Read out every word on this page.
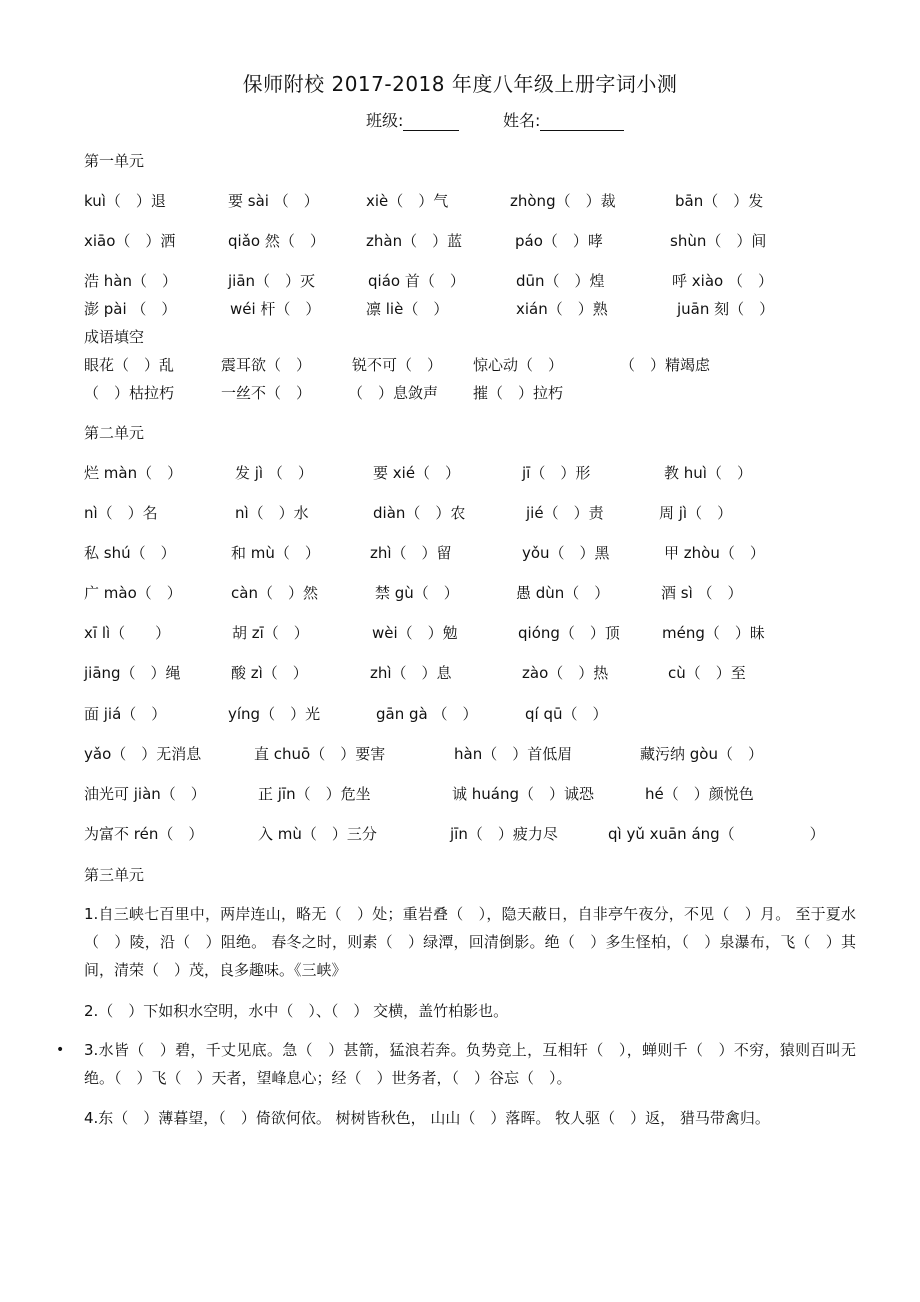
保师附校 2017-2018 年度八年级上册字词小测
班级:	姓名:
第一单元
kuì（　）退	要 sài （　）	xiè（　）气	zhòng（　）裁	bān（　）发
xiāo（　）洒	qiǎo 然（　）	zhàn（　）蓝	páo（　）哮	shùn（　）间
浩 hàn（　）	jiān（　）灭	qiáo 首（　）	dūn（　）煌	呼 xiào （　）
澎 pài （　）	wéi 杆（　）	凛 liè（　）	xián（　）熟	juān 刻（　）
成语填空
眼花（　）乱	震耳欲（　）	锐不可（　） 惊心动（　）	（　）精竭虑
（　）枯拉朽	一丝不（　） （　）息敛声 摧（　）拉朽
第二单元
烂 màn（　）	发 jì （　）	要 xié（　）	jī（　）形	教 huì（　）
nì（　）名	nì（　）水	diàn（　）农	jié（　）责	周 jì（　）
私 shú（　）	和 mù（　）	zhì（　）留	yǒu（　）黑	甲 zhòu（　）
广 mào（　）	càn（　）然	禁 gù（　）	愚 dùn（　）	酒 sì （　）
xī lì（　　）	胡 zī（　）	wèi（　）勉	qióng（　）顶	méng（　）昧
jiāng（　）绳	酸 zì（　）	zhì（　）息	zào（　）热	cù（　）至
面 jiá（　）	yíng（　）光	gān gà （　）	qí qū（　）
yǎo（　）无消息	直 chuō（　）要害	hàn（　）首低眉	藏污纳 gòu（　）
油光可 jiàn（　）	正 jīn（　）危坐	诚 huáng（　）诚恐	hé（　）颜悦色
为富不 rén（　）	入 mù（　）三分	jīn（　）疲力尽	qì yǔ xuān áng（　　　　　）
第三单元
1.自三峡七百里中，两岸连山，略无（　）处；重岩叠（　），隐天蔽日，自非亭午夜分，不见（　）月。 至于夏水（　）陵，沿（　）阻绝。 春冬之时，则素（　）绿潭，回清倒影。绝（　）多生怪柏，（　）泉瀑布，飞（　）其间，清荣（　）茂，良多趣味。《三峡》
2.（　）下如积水空明，水中（　）、（　） 交横，盖竹柏影也。
• 3.水皆（　）碧，千丈见底。急（　）甚箭，猛浪若奔。负势竞上，互相轩（　），蝉则千（　）不穷，猿则百叫无绝。（　）飞（　）天者，望峰息心；经（　）世务者，（　）谷忘（　）。
4.东（　）薄暮望，（　）倚欲何依。 树树皆秋色， 山山（　）落晖。 牧人驱（　）返， 猎马带禽归。
